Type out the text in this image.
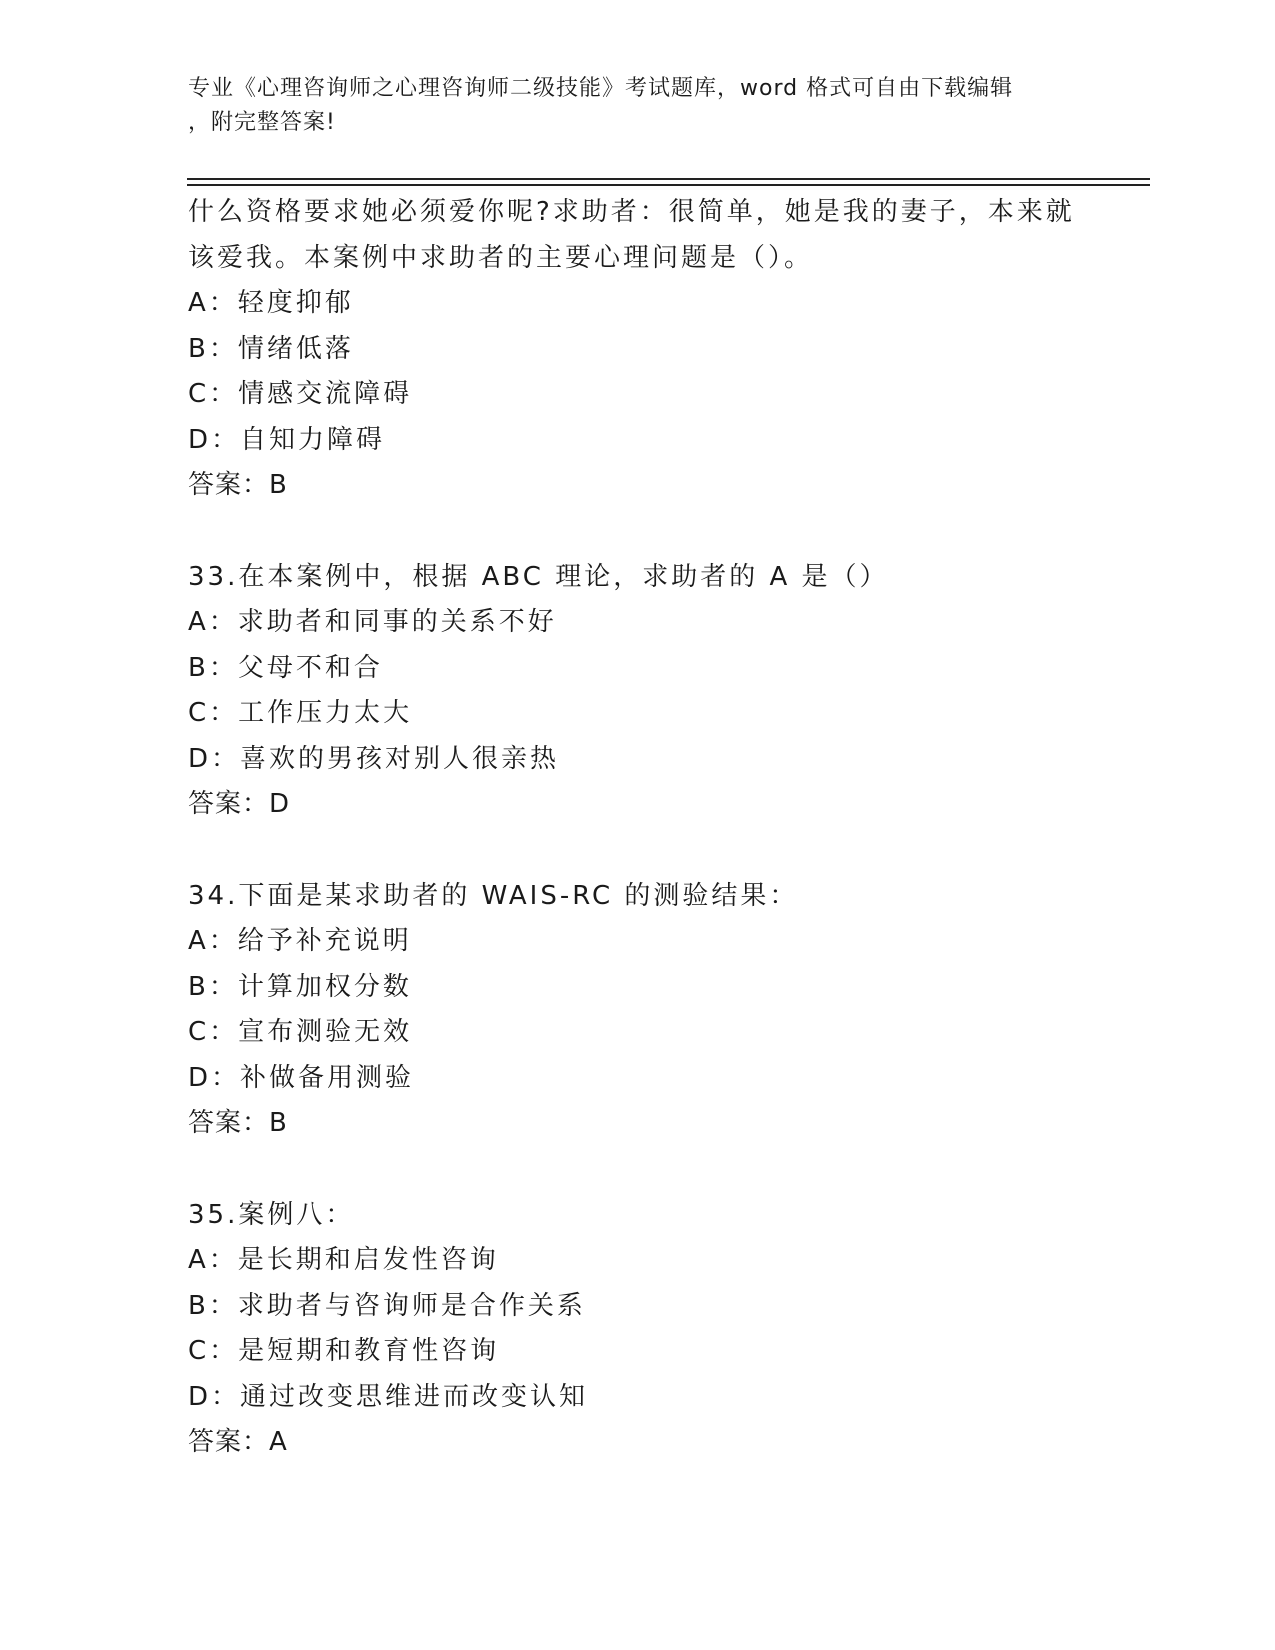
专业《心理咨询师之心理咨询师二级技能》考试题库，word 格式可自由下载编辑
，附完整答案!
什么资格要求她必须爱你呢?求助者：很简单，她是我的妻子，本来就
该爱我。本案例中求助者的主要心理问题是（）。
A：轻度抑郁
B：情绪低落
C：情感交流障碍
D：自知力障碍
答案：B
33.在本案例中，根据 ABC 理论，求助者的 A 是（）
A：求助者和同事的关系不好
B：父母不和合
C：工作压力太大
D：喜欢的男孩对别人很亲热
答案：D
34.下面是某求助者的 WAIS-RC 的测验结果：
A：给予补充说明
B：计算加权分数
C：宣布测验无效
D：补做备用测验
答案：B
35.案例八：
A：是长期和启发性咨询
B：求助者与咨询师是合作关系
C：是短期和教育性咨询
D：通过改变思维进而改变认知
答案：A
